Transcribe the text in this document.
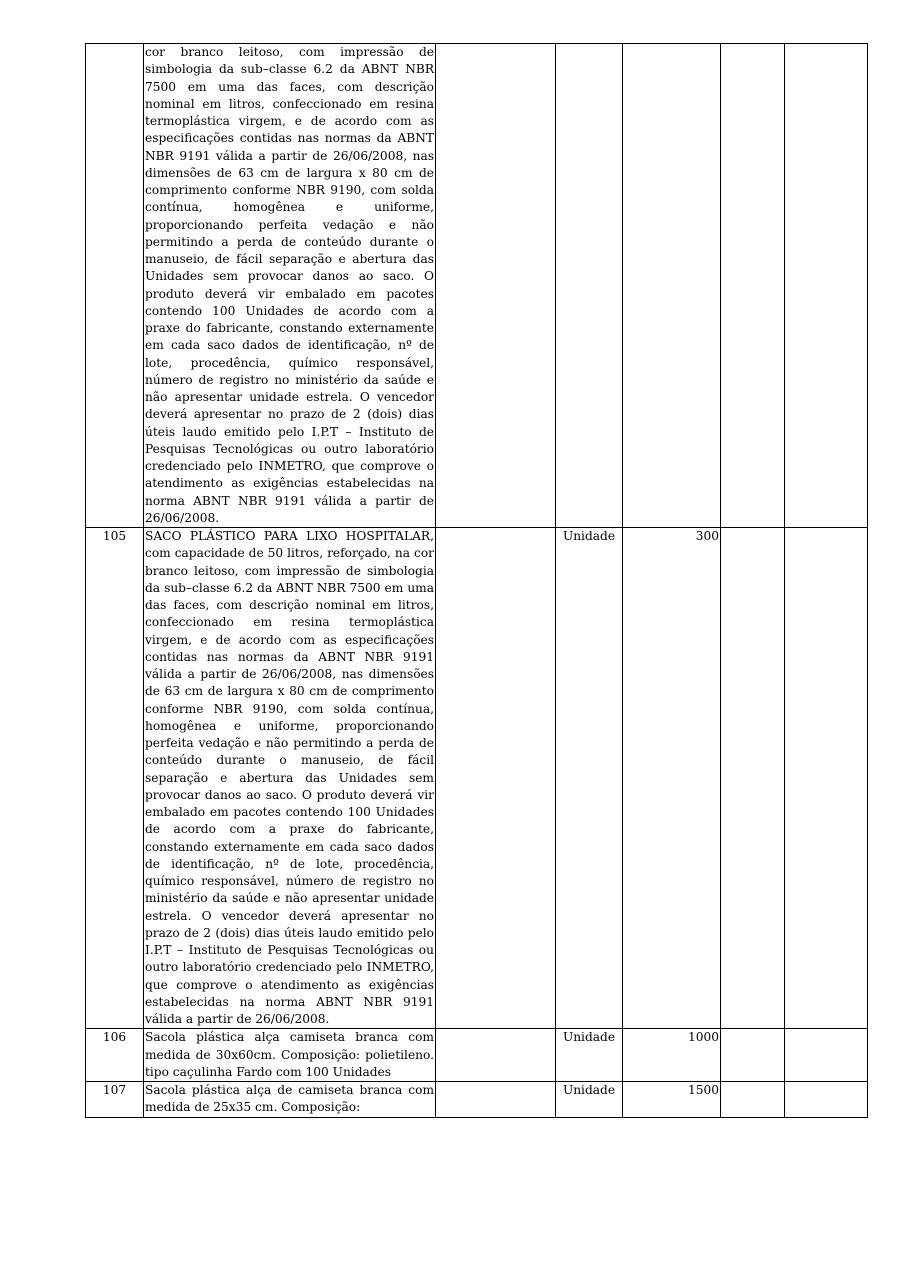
	cor branco leitoso, com impressão de simbologia da sub–classe 6.2 da ABNT NBR 7500 em uma das faces, com descrição nominal em litros, confeccionado em resina termoplástica virgem, e de acordo com as especificações contidas nas normas da ABNT NBR 9191 válida a partir de 26/06/2008, nas dimensões de 63 cm de largura x 80 cm de comprimento conforme NBR 9190, com solda contínua, homogênea e uniforme, proporcionando perfeita vedação e não permitindo a perda de conteúdo durante o manuseio, de fácil separação e abertura das Unidades sem provocar danos ao saco. O produto deverá vir embalado em pacotes contendo 100 Unidades de acordo com a praxe do fabricante, constando externamente em cada saco dados de identificação, nº de lote, procedência, químico responsável, número de registro no ministério da saúde e não apresentar unidade estrela. O vencedor deverá apresentar no prazo de 2 (dois) dias úteis laudo emitido pelo I.P.T – Instituto de Pesquisas Tecnológicas ou outro laboratório credenciado pelo INMETRO, que comprove o atendimento as exigências estabelecidas na norma ABNT NBR 9191 válida a partir de 26/06/2008.					
105	SACO PLÁSTICO PARA LIXO HOSPITALAR, com capacidade de 50 litros, reforçado, na cor branco leitoso, com impressão de simbologia da sub–classe 6.2 da ABNT NBR 7500 em uma das faces, com descrição nominal em litros, confeccionado em resina termoplástica virgem, e de acordo com as especificações contidas nas normas da ABNT NBR 9191 válida a partir de 26/06/2008, nas dimensões de 63 cm de largura x 80 cm de comprimento conforme NBR 9190, com solda contínua, homogênea e uniforme, proporcionando perfeita vedação e não permitindo a perda de conteúdo durante o manuseio, de fácil separação e abertura das Unidades sem provocar danos ao saco. O produto deverá vir embalado em pacotes contendo 100 Unidades de acordo com a praxe do fabricante, constando externamente em cada saco dados de identificação, nº de lote, procedência, químico responsável, número de registro no ministério da saúde e não apresentar unidade estrela. O vencedor deverá apresentar no prazo de 2 (dois) dias úteis laudo emitido pelo I.P.T – Instituto de Pesquisas Tecnológicas ou outro laboratório credenciado pelo INMETRO, que comprove o atendimento as exigências estabelecidas na norma ABNT NBR 9191 válida a partir de 26/06/2008.		Unidade	300		
106	Sacola plástica alça camiseta branca com medida de 30x60cm. Composição: polietileno. tipo caçulinha Fardo com 100 Unidades		Unidade	1000		
107	Sacola plástica alça de camiseta branca com medida de 25x35 cm. Composição:		Unidade	1500		
